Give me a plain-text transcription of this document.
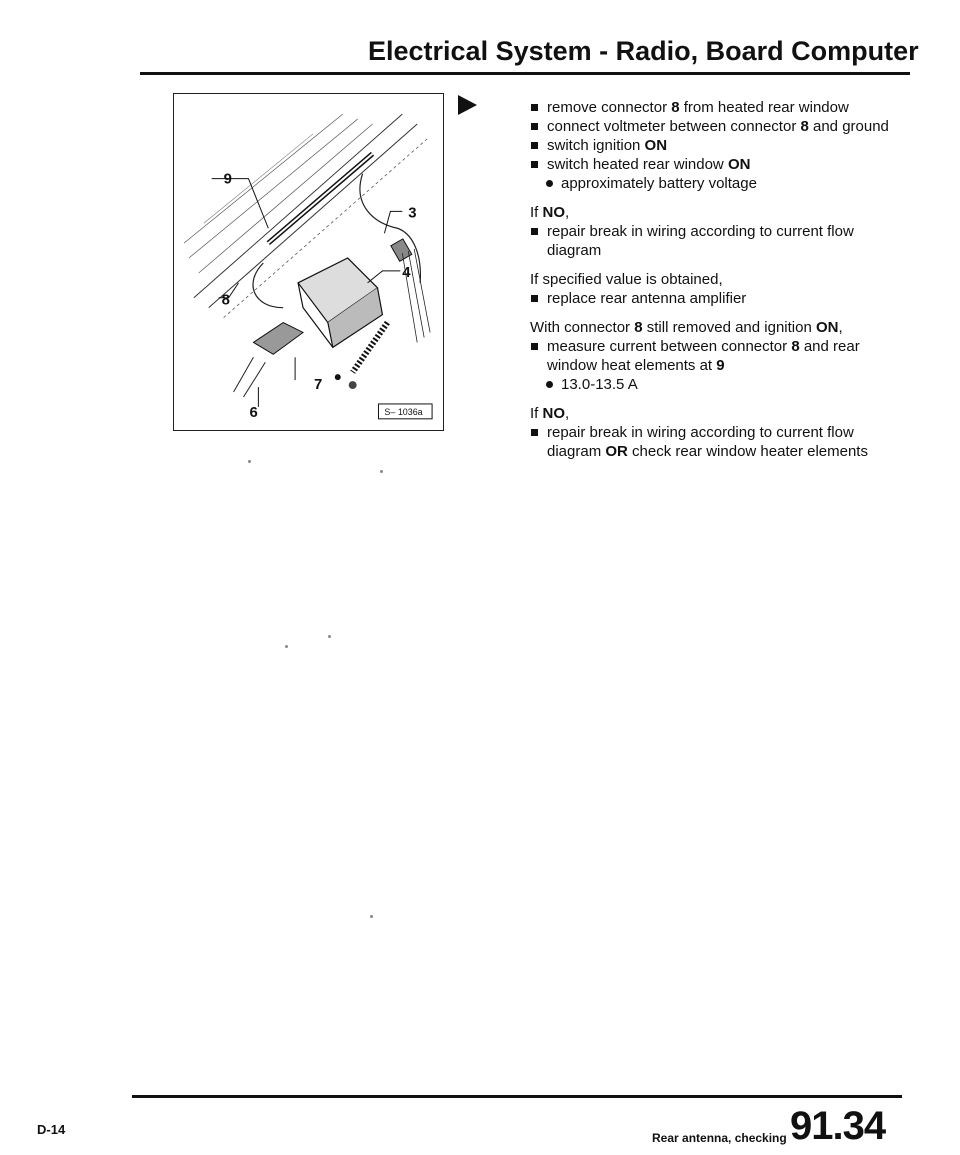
Electrical System - Radio, Board Computer
9
3
4
8
7
6	S– 1036a
remove connector 8 from heated rear window
connect voltmeter between connector 8 and ground
switch ignition ON
switch heated rear window ON
approximately battery voltage
If NO,
repair break in wiring according to current flow diagram
If specified value is obtained,
replace rear antenna amplifier
With connector 8 still removed and ignition ON,
measure current between connector 8 and rear window heat elements at 9
13.0-13.5 A
If NO,
repair break in wiring according to current flow diagram OR check rear window heater elements
D-14
Rear antenna, checking 91.34
